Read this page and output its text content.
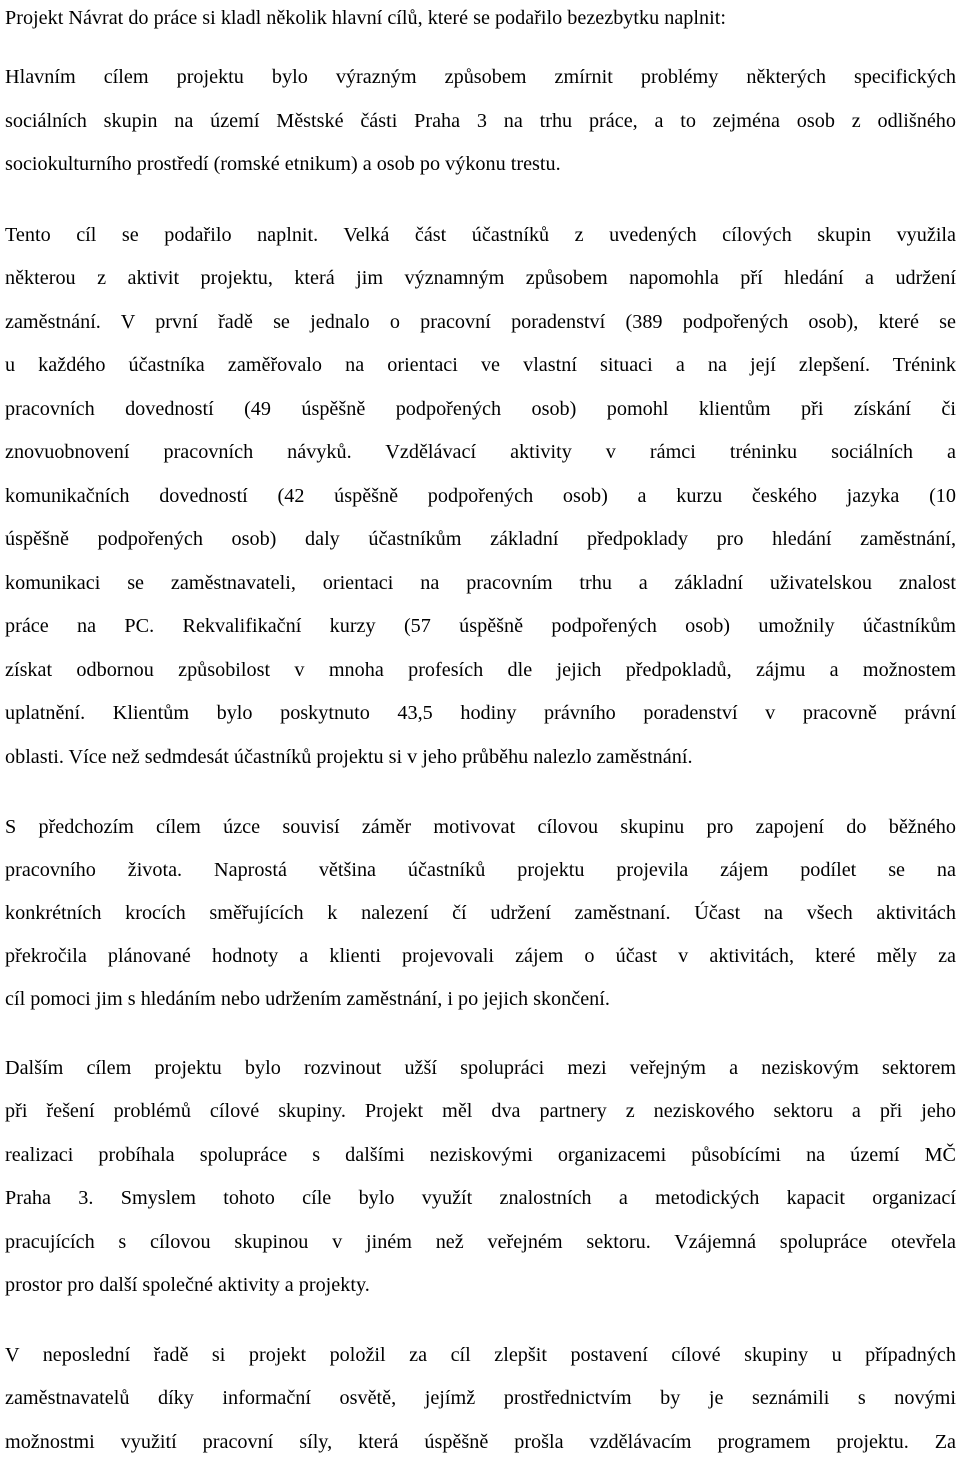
Projekt Návrat do práce si kladl několik hlavní cílů, které se podařilo bezezbytku naplnit:
Hlavním cílem projektu bylo výrazným způsobem zmírnit problémy některých specifických
sociálních skupin na území Městské části Praha 3 na trhu práce, a to zejména osob z odlišného
sociokulturního prostředí (romské etnikum) a osob po výkonu trestu.
Tento cíl se podařilo naplnit. Velká část účastníků z uvedených cílových skupin využila
některou z aktivit projektu, která jim významným způsobem napomohla pří hledání a udržení
zaměstnání. V první řadě se jednalo o pracovní poradenství (389 podpořených osob), které se
u každého účastníka zaměřovalo na orientaci ve vlastní situaci a na její zlepšení. Trénink
pracovních dovedností (49 úspěšně podpořených osob) pomohl klientům při získání či
znovuobnovení pracovních návyků. Vzdělávací aktivity v rámci tréninku sociálních a
komunikačních dovedností (42 úspěšně podpořených osob) a kurzu českého jazyka (10
úspěšně podpořených osob) daly účastníkům základní předpoklady pro hledání zaměstnání,
komunikaci se zaměstnavateli, orientaci na pracovním trhu a základní uživatelskou znalost
práce na PC. Rekvalifikační kurzy (57 úspěšně podpořených osob) umožnily účastníkům
získat odbornou způsobilost v mnoha profesích dle jejich předpokladů, zájmu a možnostem
uplatnění. Klientům bylo poskytnuto 43,5 hodiny právního poradenství v pracovně právní
oblasti. Více než sedmdesát účastníků projektu si v jeho průběhu nalezlo zaměstnání.
S předchozím cílem úzce souvisí záměr motivovat cílovou skupinu pro zapojení do běžného
pracovního života. Naprostá většina účastníků projektu projevila zájem podílet se na
konkrétních krocích směřujících k nalezení čí udržení zaměstnaní. Účast na všech aktivitách
překročila plánované hodnoty a klienti projevovali zájem o účast v aktivitách, které měly za
cíl pomoci jim s hledáním nebo udržením zaměstnání, i po jejich skončení.
Dalším cílem projektu bylo rozvinout užší spolupráci mezi veřejným a neziskovým sektorem
při řešení problémů cílové skupiny. Projekt měl dva partnery z neziskového sektoru a při jeho
realizaci probíhala spolupráce s dalšími neziskovými organizacemi působícími na území MČ
Praha 3. Smyslem tohoto cíle bylo využít znalostních a metodických kapacit organizací
pracujících s cílovou skupinou v jiném než veřejném sektoru. Vzájemná spolupráce otevřela
prostor pro další společné aktivity a projekty.
V neposlední řadě si projekt položil za cíl zlepšit postavení cílové skupiny u případných
zaměstnavatelů díky informační osvětě, jejímž prostřednictvím by je seznámili s novými
možnostmi využití pracovní síly, která úspěšně prošla vzdělávacím programem projektu. Za
